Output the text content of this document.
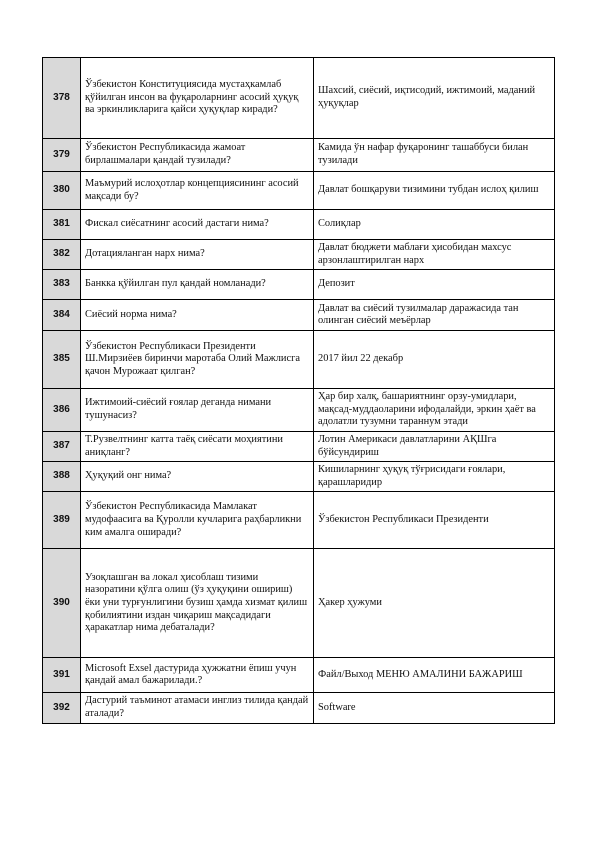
378	Ўзбекистон Конституциясида мустаҳкамлаб қўйилган инсон ва фуқароларнинг асосий ҳуқуқ ва эркинликларига қайси ҳуқуқлар киради?	Шахсий, сиёсий, иқтисодий, ижтимоий, маданий ҳуқуқлар
379	Ўзбекистон Республикасида жамоат бирлашмалари қандай тузилади?	Камида ўн нафар фуқаронинг ташаббуси билан тузилади
380	Маъмурий ислоҳотлар концепциясининг асосий мақсади бу?	Давлат бошқаруви тизимини тубдан ислоҳ қилиш
381	Фискал сиёсатнинг асосий дастаги нима?	Солиқлар
382	Дотацияланган нарх нима?	Давлат бюджети маблағи ҳисобидан махсус арзонлаштирилган нарх
383	Банкка қўйилган пул қандай номланади?	Депозит
384	Сиёсий норма нима?	Давлат ва сиёсий тузилмалар даражасида тан олинган сиёсий меъёрлар
385	Ўзбекистон Республикаси Президенти Ш.Мирзиёев биринчи маротаба Олий Мажлисга қачон Мурожаат қилган?	2017 йил 22 декабр
386	Ижтимоий-сиёсий ғоялар деганда нимани тушунасиз?	Ҳар бир халқ, башариятнинг орзу-умидлари, мақсад-муддаоларини ифодалайди, эркин ҳаёт ва адолатли тузумни тараннум этади
387	Т.Рузвелтнинг катта таёқ сиёсати моҳиятини аниқланг?	Лотин Америкаси давлатларини АҚШга бўйсундириш
388	Ҳуқуқий онг нима?	Кишиларнинг ҳуқуқ тўғрисидаги ғоялари, қарашларидир
389	Ўзбекистон Республикасида Мамлакат мудофаасига ва Қуролли кучларига раҳбарликни ким амалга оширади?	Ўзбекистон Республикаси Президенти
390	Узоқлашган ва локал ҳисоблаш тизими назоратини қўлга олиш (ўз ҳуқуқини ошириш) ёки уни турғунлигини бузиш ҳамда хизмат қилиш қобилиятини издан чиқариш мақсадидаги ҳаракатлар нима дебаталади?	Ҳакер ҳужуми
391	Microsoft Exsel дастурида ҳужжатни ёпиш учун қандай амал бажарилади.?	Файл/Выход МЕНЮ АМАЛИНИ БАЖАРИШ
392	Дастурий таъминот атамаси инглиз тилида қандай аталади?	Software
